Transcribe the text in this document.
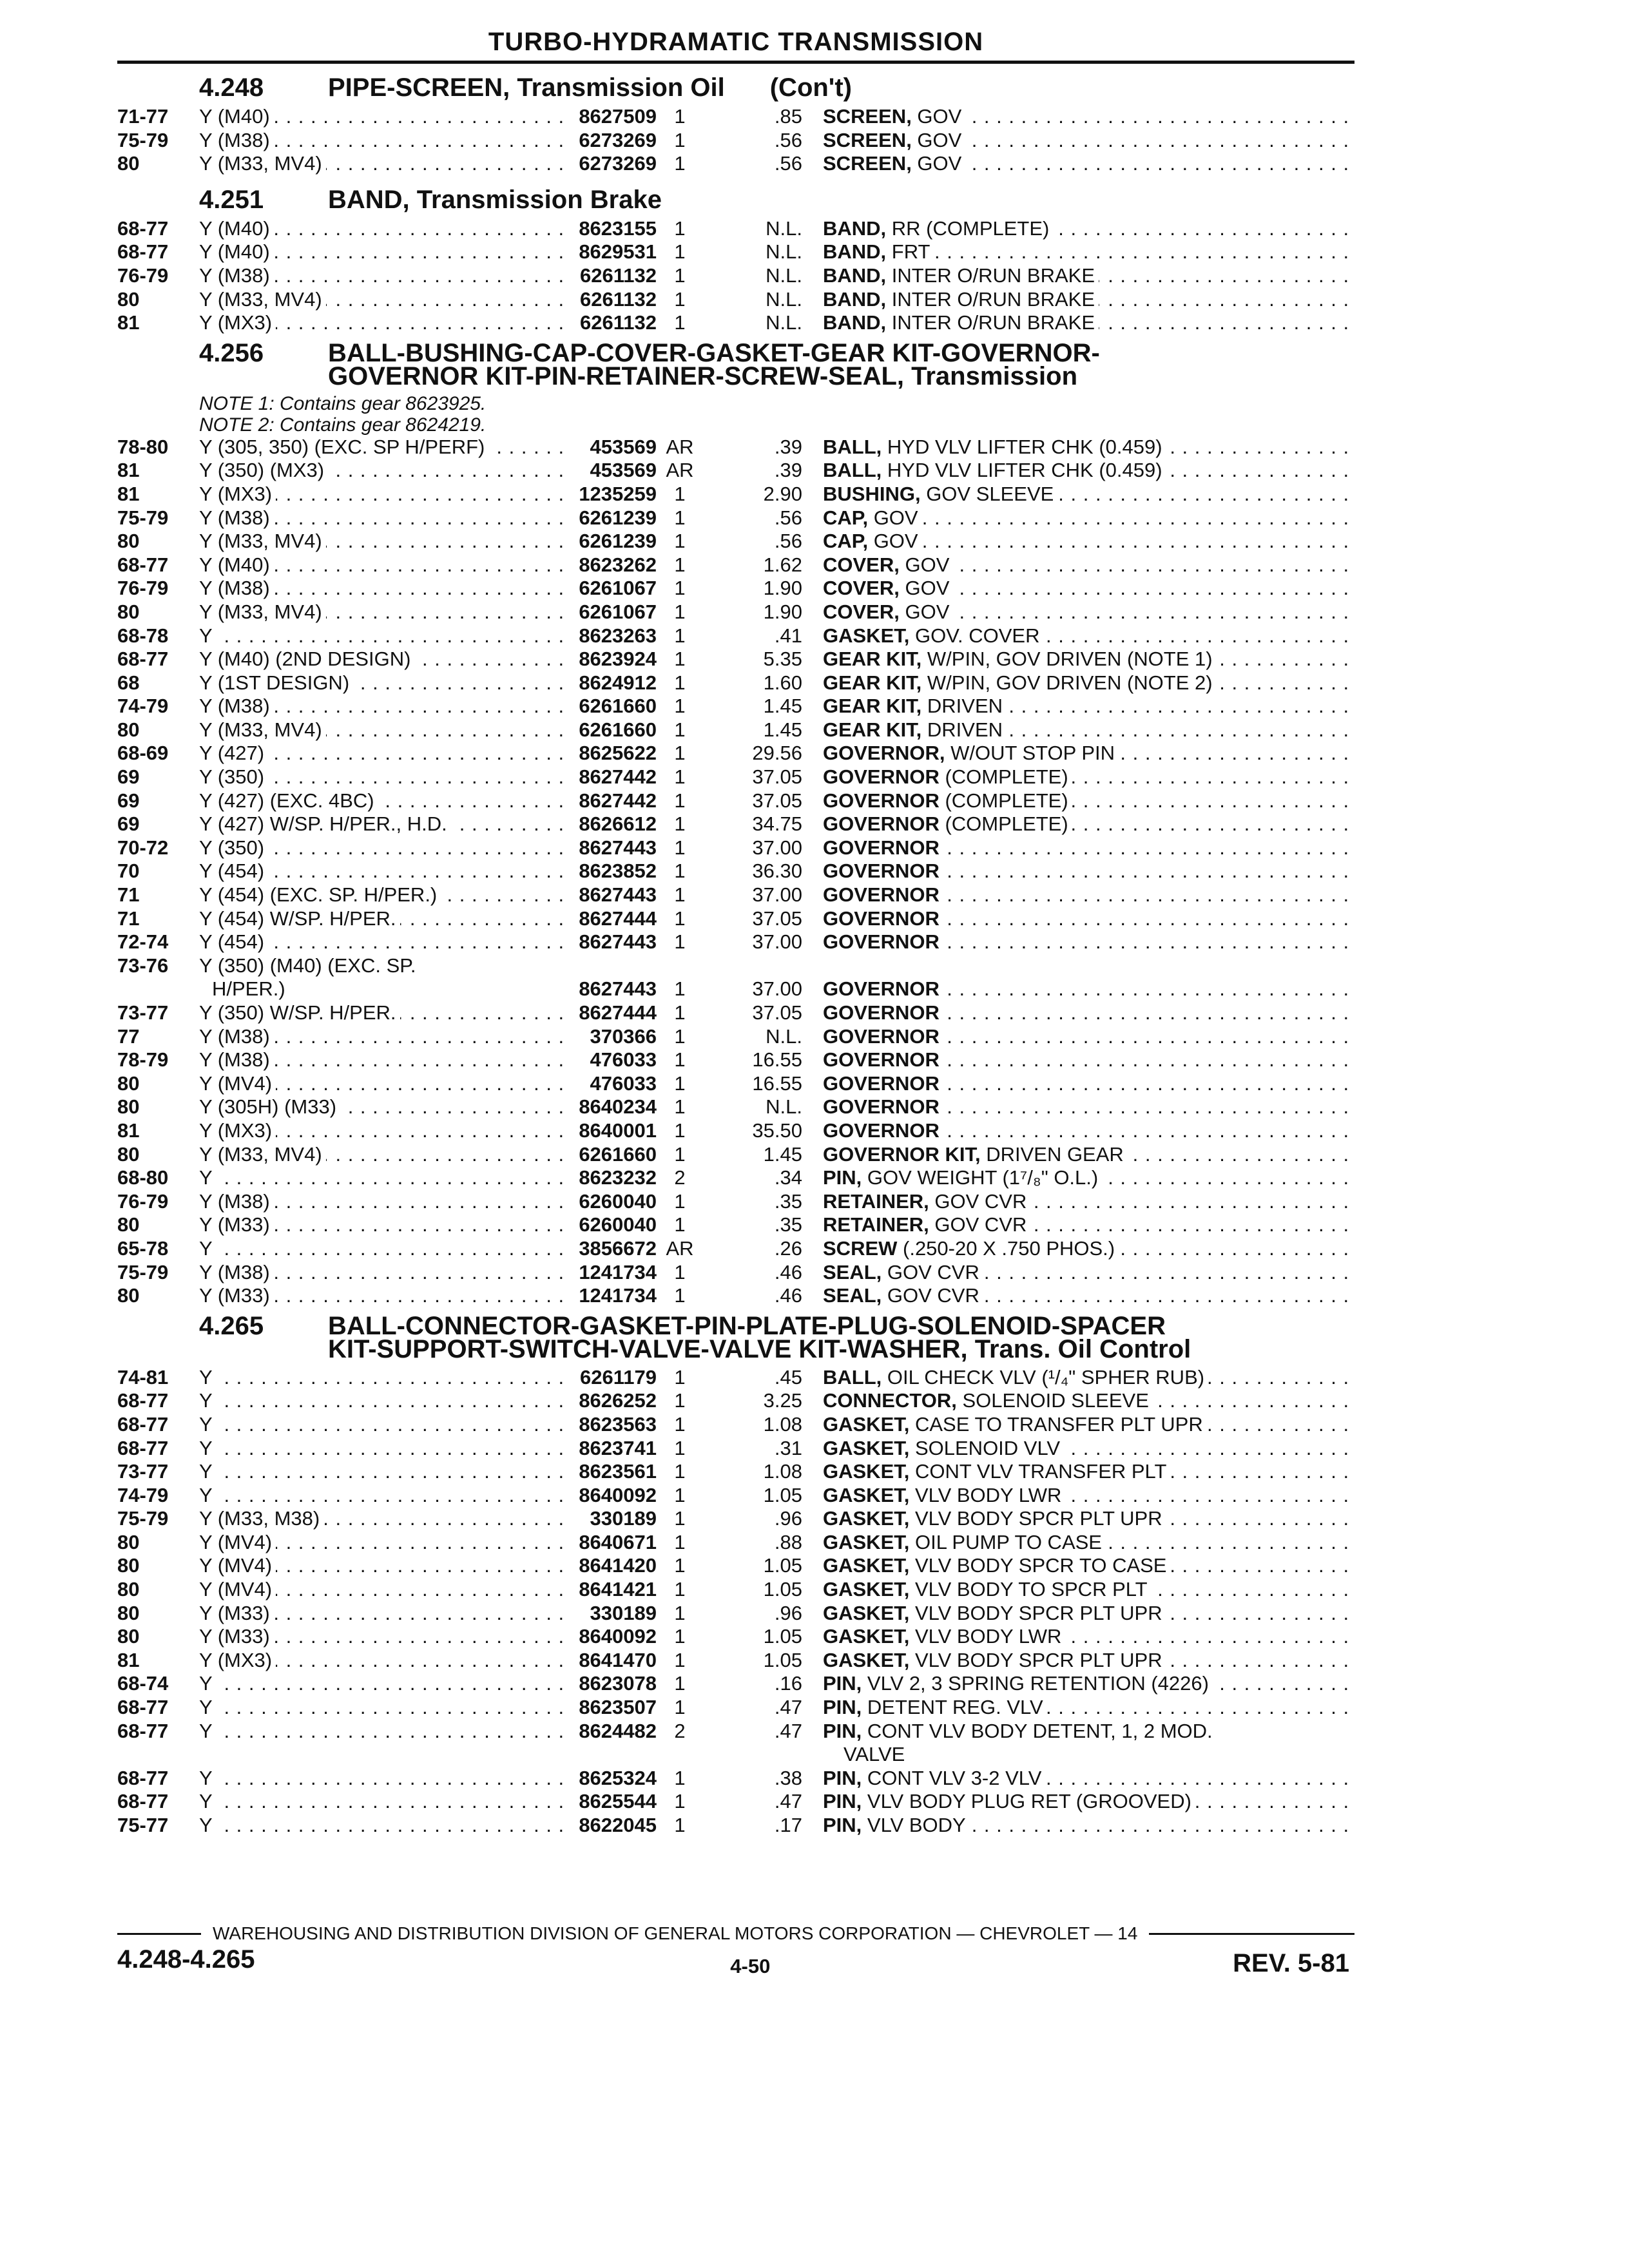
TURBO-HYDRAMATIC TRANSMISSION
4.248	PIPE-SCREEN, Transmission Oil (Con't)
71-77	Y (M40) . . .	8627509 1	.85	SCREEN, GOV . . .
75-79	Y (M38) . . .	6273269 1	.56	SCREEN, GOV . . .
80	Y (M33, MV4) . . .	6273269 1	.56	SCREEN, GOV . . .
4.251	BAND, Transmission Brake
68-77	Y (M40) . . .	8623155 1	N.L.	BAND, RR (COMPLETE) . . .
68-77	Y (M40) . . .	8629531 1	N.L.	BAND, FRT . . .
76-79	Y (M38) . . .	6261132 1	N.L.	BAND, INTER O/RUN BRAKE . . .
80	Y (M33, MV4) . . .	6261132 1	N.L.	BAND, INTER O/RUN BRAKE . . .
81	Y (MX3) . . .	6261132 1	N.L.	BAND, INTER O/RUN BRAKE . . .
4.256	BALL-BUSHING-CAP-COVER-GASKET-GEAR KIT-GOVERNOR-
GOVERNOR KIT-PIN-RETAINER-SCREW-SEAL, Transmission
NOTE 1: Contains gear 8623925.
NOTE 2: Contains gear 8624219.
78-80	Y (305, 350) (EXC. SP H/PERF) . . .	453569 AR	.39	BALL, HYD VLV LIFTER CHK (0.459) . . .
81	Y (350) (MX3) . . .	453569 AR	.39	BALL, HYD VLV LIFTER CHK (0.459) . . .
81	Y (MX3) . . .	1235259 1	2.90	BUSHING, GOV SLEEVE . . .
75-79	Y (M38) . . .	6261239 1	.56	CAP, GOV . . .
80	Y (M33, MV4) . . .	6261239 1	.56	CAP, GOV . . .
68-77	Y (M40) . . .	8623262 1	1.62	COVER, GOV . . .
76-79	Y (M38) . . .	6261067 1	1.90	COVER, GOV . . .
80	Y (M33, MV4) . . .	6261067 1	1.90	COVER, GOV . . .
68-78	Y . . .	8623263 1	.41	GASKET, GOV. COVER . . .
68-77	Y (M40) (2ND DESIGN) . . .	8623924 1	5.35	GEAR KIT, W/PIN, GOV DRIVEN (NOTE 1) . . .
68	Y (1ST DESIGN) . . .	8624912 1	1.60	GEAR KIT, W/PIN, GOV DRIVEN (NOTE 2) . . .
74-79	Y (M38) . . .	6261660 1	1.45	GEAR KIT, DRIVEN . . .
80	Y (M33, MV4) . . .	6261660 1	1.45	GEAR KIT, DRIVEN . . .
68-69	Y (427) . . .	8625622 1	29.56	GOVERNOR, W/OUT STOP PIN . . .
69	Y (350) . . .	8627442 1	37.05	GOVERNOR (COMPLETE) . . .
69	Y (427) (EXC. 4BC) . . .	8627442 1	37.05	GOVERNOR (COMPLETE) . . .
69	Y (427) W/SP. H/PER., H.D. . . .	8626612 1	34.75	GOVERNOR (COMPLETE) . . .
70-72	Y (350) . . .	8627443 1	37.00	GOVERNOR . . .
70	Y (454) . . .	8623852 1	36.30	GOVERNOR . . .
71	Y (454) (EXC. SP. H/PER.) . . .	8627443 1	37.00	GOVERNOR . . .
71	Y (454) W/SP. H/PER. . . .	8627444 1	37.05	GOVERNOR . . .
72-74	Y (454) . . .	8627443 1	37.00	GOVERNOR . . .
73-76	Y (350) (M40) (EXC. SP.
H/PER.)
. . .	8627443 1	37.00	GOVERNOR . . .
73-77	Y (350) W/SP. H/PER. . . .	8627444 1	37.05	GOVERNOR . . .
77	Y (M38) . . .	370366 1	N.L.	GOVERNOR . . .
78-79	Y (M38) . . .	476033 1	16.55	GOVERNOR . . .
80	Y (MV4) . . .	476033 1	16.55	GOVERNOR . . .
80	Y (305H) (M33) . . .	8640234 1	N.L.	GOVERNOR . . .
81	Y (MX3) . . .	8640001 1	35.50	GOVERNOR . . .
80	Y (M33, MV4) . . .	6261660 1	1.45	GOVERNOR KIT, DRIVEN GEAR . . .
68-80	Y . . .	8623232 2	.34	PIN, GOV WEIGHT (1⁷/₈" O.L.) . . .
76-79	Y (M38) . . .	6260040 1	.35	RETAINER, GOV CVR . . .
80	Y (M33) . . .	6260040 1	.35	RETAINER, GOV CVR . . .
65-78	Y . . .	3856672 AR	.26	SCREW (.250-20 X .750 PHOS.) . . .
75-79	Y (M38) . . .	1241734 1	.46	SEAL, GOV CVR . . .
80	Y (M33) . . .	1241734 1	.46	SEAL, GOV CVR . . .
4.265	BALL-CONNECTOR-GASKET-PIN-PLATE-PLUG-SOLENOID-SPACER
KIT-SUPPORT-SWITCH-VALVE-VALVE KIT-WASHER, Trans. Oil Control
74-81	Y . . .	6261179 1	.45	BALL, OIL CHECK VLV (¹/₄" SPHER RUB) . . .
68-77	Y . . .	8626252 1	3.25	CONNECTOR, SOLENOID SLEEVE . . .
68-77	Y . . .	8623563 1	1.08	GASKET, CASE TO TRANSFER PLT UPR . . .
68-77	Y . . .	8623741 1	.31	GASKET, SOLENOID VLV . . .
73-77	Y . . .	8623561 1	1.08	GASKET, CONT VLV TRANSFER PLT . . .
74-79	Y . . .	8640092 1	1.05	GASKET, VLV BODY LWR . . .
75-79	Y (M33, M38) . . .	330189 1	.96	GASKET, VLV BODY SPCR PLT UPR . . .
80	Y (MV4) . . .	8640671 1	.88	GASKET, OIL PUMP TO CASE . . .
80	Y (MV4) . . .	8641420 1	1.05	GASKET, VLV BODY SPCR TO CASE . . .
80	Y (MV4) . . .	8641421 1	1.05	GASKET, VLV BODY TO SPCR PLT . . .
80	Y (M33) . . .	330189 1	.96	GASKET, VLV BODY SPCR PLT UPR . . .
80	Y (M33) . . .	8640092 1	1.05	GASKET, VLV BODY LWR . . .
81	Y (MX3) . . .	8641470 1	1.05	GASKET, VLV BODY SPCR PLT UPR . . .
68-74	Y . . .	8623078 1	.16	PIN, VLV 2, 3 SPRING RETENTION (4226) . . .
68-77	Y . . .	8623507 1	.47	PIN, DETENT REG. VLV . . .
68-77	Y . . .	8624482 2	.47 PIN, CONT VLV BODY DETENT, 1, 2 MOD.
VALVE
. . .
68-77	Y . . .	8625324 1	.38	PIN, CONT VLV 3-2 VLV . . .
68-77	Y . . .	8625544 1	.47	PIN, VLV BODY PLUG RET (GROOVED) . . .
75-77	Y . . .	8622045 1	.17	PIN, VLV BODY . . .
WAREHOUSING AND DISTRIBUTION DIVISION OF GENERAL MOTORS CORPORATION — CHEVROLET — 14
4.248-4.265	4-50	REV. 5-81
